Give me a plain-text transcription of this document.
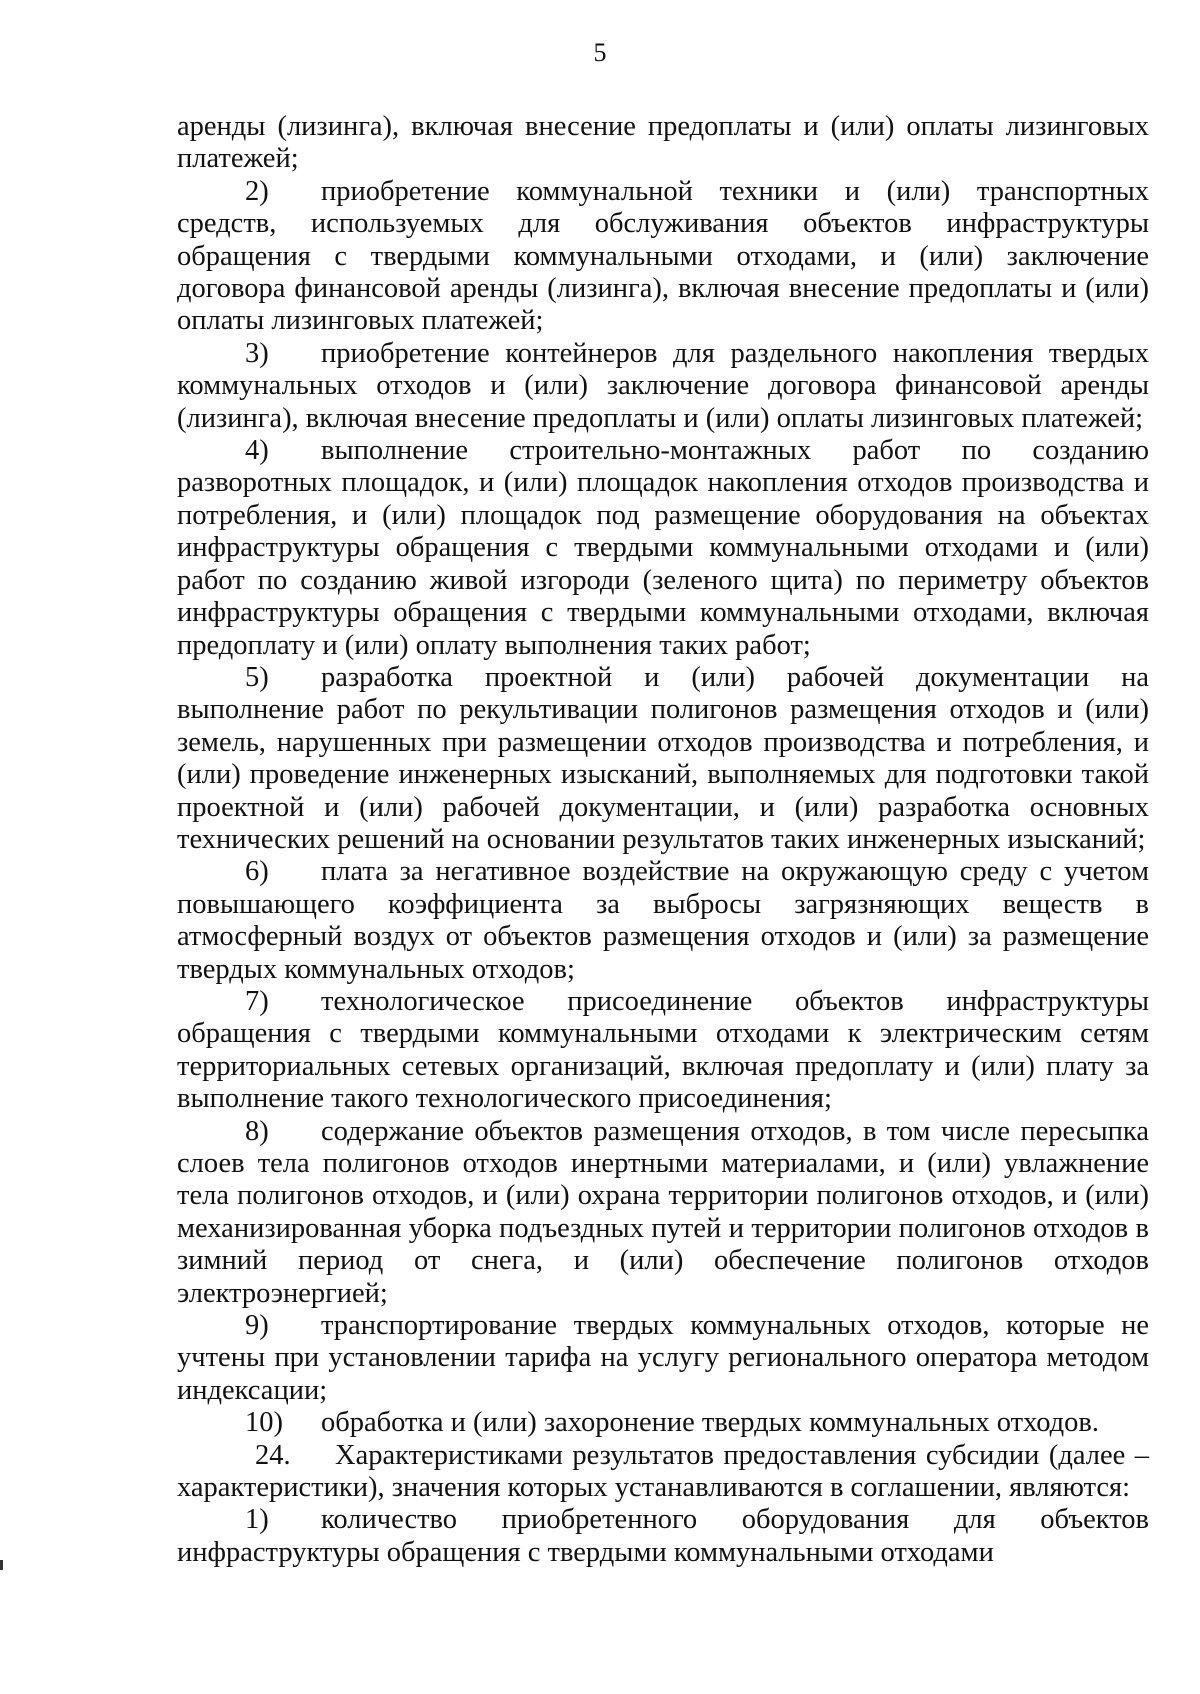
5

аренды (лизинга), включая внесение предоплаты и (или) оплаты лизинговых платежей;

2) приобретение коммунальной техники и (или) транспортных средств, используемых для обслуживания объектов инфраструктуры обращения с твердыми коммунальными отходами, и (или) заключение договора финансовой аренды (лизинга), включая внесение предоплаты и (или) оплаты лизинговых платежей;

3) приобретение контейнеров для раздельного накопления твердых коммунальных отходов и (или) заключение договора финансовой аренды (лизинга), включая внесение предоплаты и (или) оплаты лизинговых платежей;

4) выполнение строительно-монтажных работ по созданию разворотных площадок, и (или) площадок накопления отходов производства и потребления, и (или) площадок под размещение оборудования на объектах инфраструктуры обращения с твердыми коммунальными отходами и (или) работ по созданию живой изгороди (зеленого щита) по периметру объектов инфраструктуры обращения с твердыми коммунальными отходами, включая предоплату и (или) оплату выполнения таких работ;

5) разработка проектной и (или) рабочей документации на выполнение работ по рекультивации полигонов размещения отходов и (или) земель, нарушенных при размещении отходов производства и потребления, и (или) проведение инженерных изысканий, выполняемых для подготовки такой проектной и (или) рабочей документации, и (или) разработка основных технических решений на основании результатов таких инженерных изысканий;

6) плата за негативное воздействие на окружающую среду с учетом повышающего коэффициента за выбросы загрязняющих веществ в атмосферный воздух от объектов размещения отходов и (или) за размещение твердых коммунальных отходов;

7) технологическое присоединение объектов инфраструктуры обращения с твердыми коммунальными отходами к электрическим сетям территориальных сетевых организаций, включая предоплату и (или) плату за выполнение такого технологического присоединения;

8) содержание объектов размещения отходов, в том числе пересыпка слоев тела полигонов отходов инертными материалами, и (или) увлажнение тела полигонов отходов, и (или) охрана территории полигонов отходов, и (или) механизированная уборка подъездных путей и территории полигонов отходов в зимний период от снега, и (или) обеспечение полигонов отходов электроэнергией;

9) транспортирование твердых коммунальных отходов, которые не учтены при установлении тарифа на услугу регионального оператора методом индексации;

10) обработка и (или) захоронение твердых коммунальных отходов.

24. Характеристиками результатов предоставления субсидии (далее – характеристики), значения которых устанавливаются в соглашении, являются:

1) количество приобретенного оборудования для объектов инфраструктуры обращения с твердыми коммунальными отходами
